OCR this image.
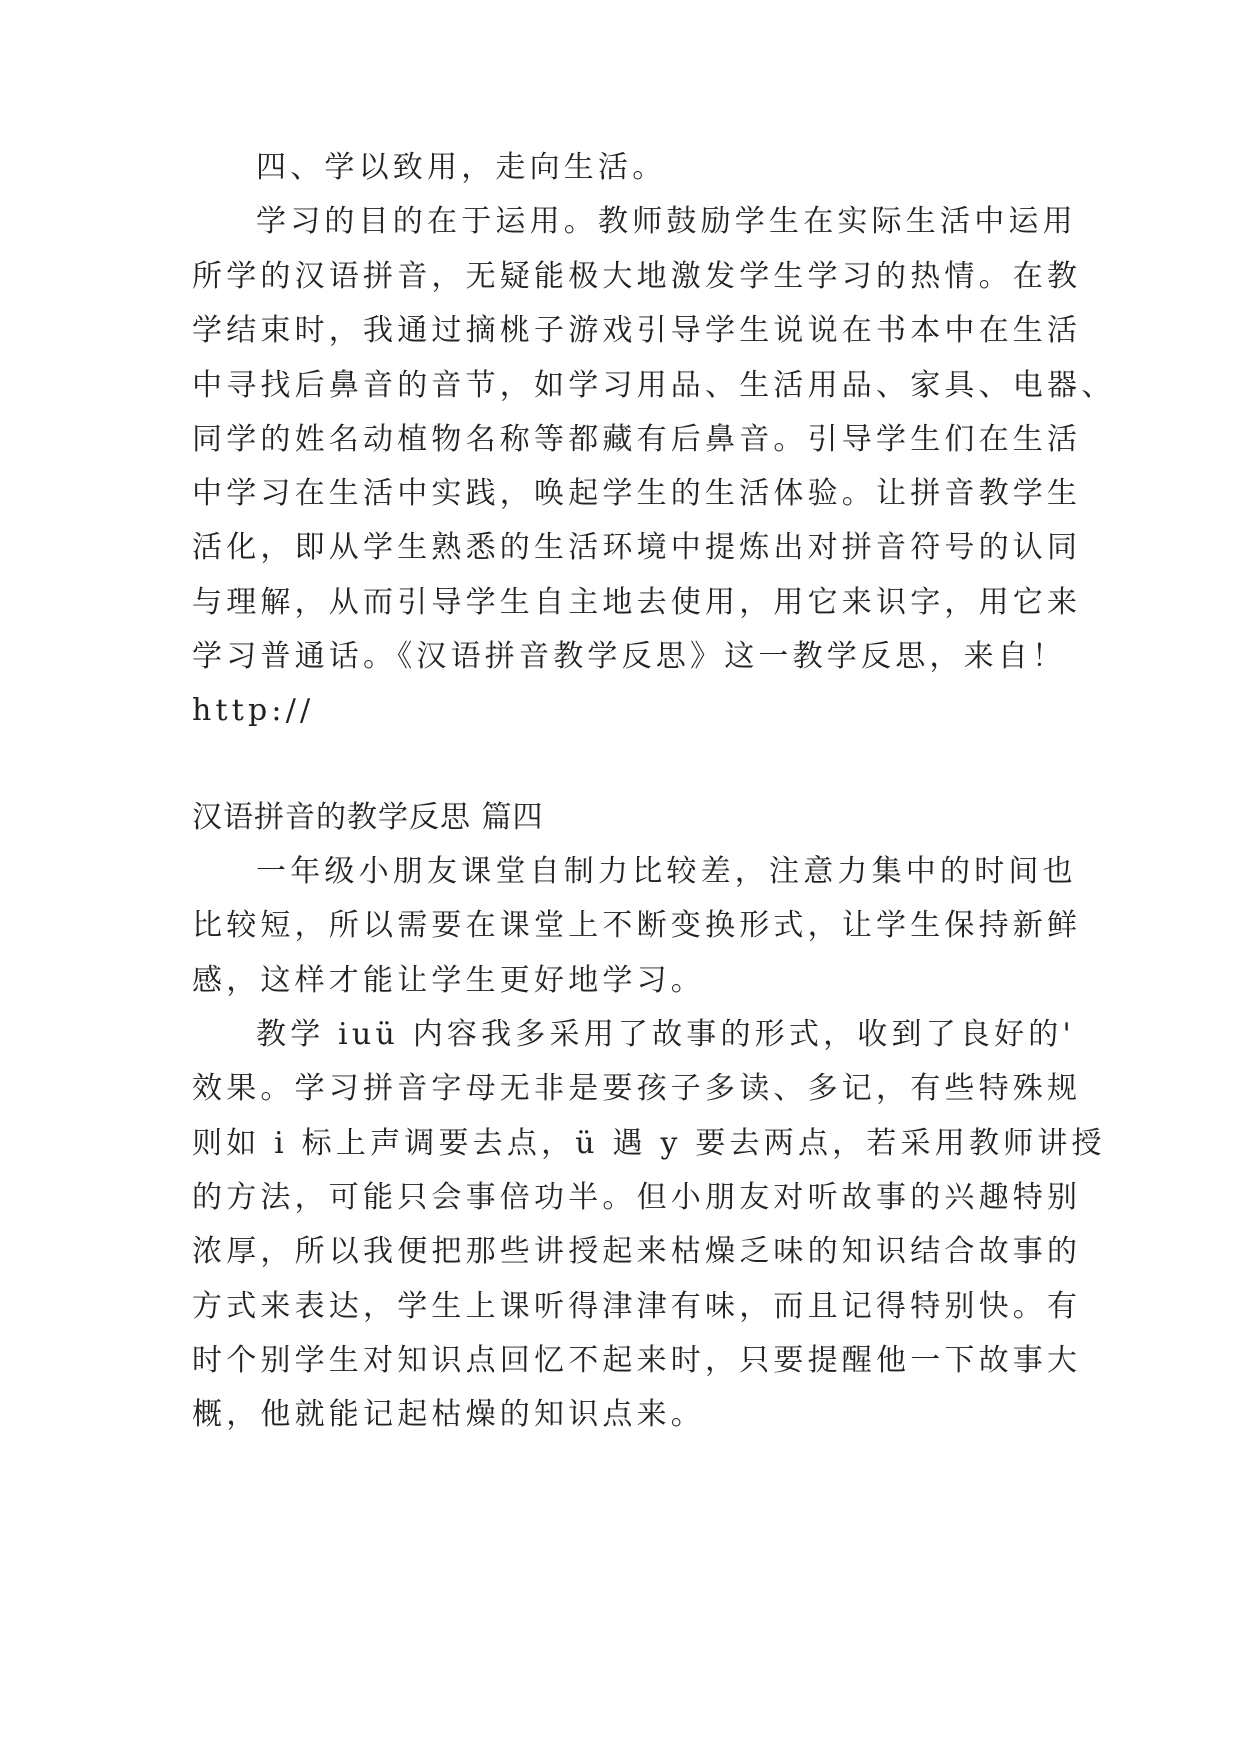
四、学以致用，走向生活。
学习的目的在于运用。教师鼓励学生在实际生活中运用
所学的汉语拼音，无疑能极大地激发学生学习的热情。在教
学结束时，我通过摘桃子游戏引导学生说说在书本中在生活
中寻找后鼻音的音节，如学习用品、生活用品、家具、电器、
同学的姓名动植物名称等都藏有后鼻音。引导学生们在生活
中学习在生活中实践，唤起学生的生活体验。让拼音教学生
活化，即从学生熟悉的生活环境中提炼出对拼音符号的认同
与理解，从而引导学生自主地去使用，用它来识字，用它来
学习普通话。《汉语拼音教学反思》这一教学反思，来自！
http://
汉语拼音的教学反思 篇四
一年级小朋友课堂自制力比较差，注意力集中的时间也
比较短，所以需要在课堂上不断变换形式，让学生保持新鲜
感，这样才能让学生更好地学习。
教学 iuü 内容我多采用了故事的形式，收到了良好的'
效果。学习拼音字母无非是要孩子多读、多记，有些特殊规
则如 i 标上声调要去点，ü 遇 y 要去两点，若采用教师讲授
的方法，可能只会事倍功半。但小朋友对听故事的兴趣特别
浓厚，所以我便把那些讲授起来枯燥乏味的知识结合故事的
方式来表达，学生上课听得津津有味，而且记得特别快。有
时个别学生对知识点回忆不起来时，只要提醒他一下故事大
概，他就能记起枯燥的知识点来。
